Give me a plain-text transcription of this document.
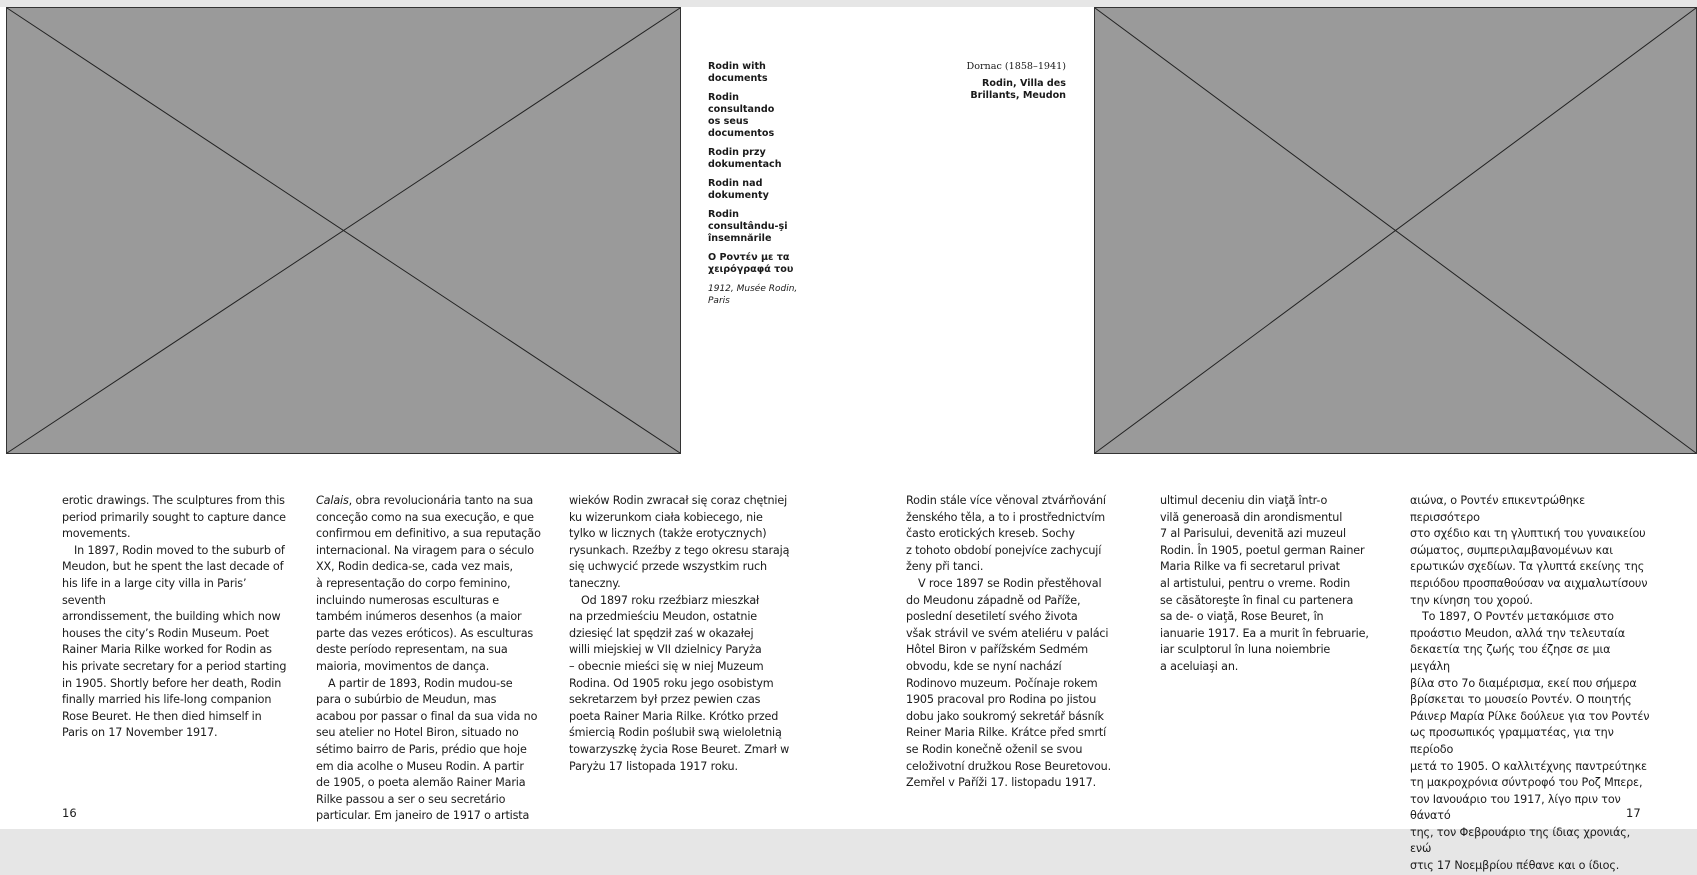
Rodin with
documents

Rodin
consultando
os seus
documentos

Rodin przy
dokumentach

Rodin nad
dokumenty

Rodin
consultându-şi
însemnările

Ο Ροντέν με τα
χειρόγραφά του

1912, Musée Rodin,
Paris

Dornac (1858–1941)
Rodin, Villa des
Brillants, Meudon

erotic drawings. The sculptures from this
period primarily sought to capture dance
movements.

In 1897, Rodin moved to the suburb of
Meudon, but he spent the last decade of
his life in a large city villa in Paris’ seventh
arrondissement, the building which now
houses the city’s Rodin Museum. Poet
Rainer Maria Rilke worked for Rodin as
his private secretary for a period starting
in 1905. Shortly before her death, Rodin
finally married his life-long companion
Rose Beuret. He then died himself in
Paris on 17 November 1917.

Calais, obra revolucionária tanto na sua
conceção como na sua execução, e que
confirmou em definitivo, a sua reputação
internacional. Na viragem para o século
XX, Rodin dedica-se, cada vez mais,
à representação do corpo feminino,
incluindo numerosas esculturas e
também inúmeros desenhos (a maior
parte das vezes eróticos). As esculturas
deste período representam, na sua
maioria, movimentos de dança.

A partir de 1893, Rodin mudou-se
para o subúrbio de Meudun, mas
acabou por passar o final da sua vida no
seu atelier no Hotel Biron, situado no
sétimo bairro de Paris, prédio que hoje
em dia acolhe o Museu Rodin. A partir
de 1905, o poeta alemão Rainer Maria
Rilke passou a ser o seu secretário
particular. Em janeiro de 1917 o artista

wieków Rodin zwracał się coraz chętniej
ku wizerunkom ciała kobiecego, nie
tylko w licznych (także erotycznych)
rysunkach. Rzeźby z tego okresu starają
się uchwycić przede wszystkim ruch
taneczny.

Od 1897 roku rzeźbiarz mieszkał
na przedmieściu Meudon, ostatnie
dziesięć lat spędził zaś w okazałej
willi miejskiej w VII dzielnicy Paryża
– obecnie mieści się w niej Muzeum
Rodina. Od 1905 roku jego osobistym
sekretarzem był przez pewien czas
poeta Rainer Maria Rilke. Krótko przed
śmiercią Rodin poślubił swą wieloletnią
towarzyszkę życia Rose Beuret. Zmarł w
Paryżu 17 listopada 1917 roku.

Rodin stále více věnoval ztvárňování
ženského těla, a to i prostřednictvím
často erotických kreseb. Sochy
z tohoto období ponejvíce zachycují
ženy při tanci.

V roce 1897 se Rodin přestěhoval
do Meudonu západně od Paříže,
poslední desetiletí svého života
však strávil ve svém ateliéru v paláci
Hôtel Biron v pařížském Sedmém
obvodu, kde se nyní nachází
Rodinovo muzeum. Počínaje rokem
1905 pracoval pro Rodina po jistou
dobu jako soukromý sekretář básník
Reiner Maria Rilke. Krátce před smrtí
se Rodin konečně oženil se svou
celoživotní družkou Rose Beuretovou.
Zemřel v Paříži 17. listopadu 1917.

ultimul deceniu din viaţă într-o
vilă generoasă din arondismentul
7 al Parisului, devenită azi muzeul
Rodin. În 1905, poetul german Rainer
Maria Rilke va fi secretarul privat
al artistului, pentru o vreme. Rodin
se căsătoreşte în final cu partenera
sa de- o viaţă, Rose Beuret, în
ianuarie 1917. Ea a murit în februarie,
iar sculptorul în luna noiembrie
a aceluiaşi an.

αιώνα, ο Ροντέν επικεντρώθηκε περισσότερο
στο σχέδιο και τη γλυπτική του γυναικείου
σώματος, συμπεριλαμβανομένων και
ερωτικών σχεδίων. Τα γλυπτά εκείνης της
περιόδου προσπαθούσαν να αιχμαλωτίσουν
την κίνηση του χορού.

Το 1897, Ο Ροντέν μετακόμισε στο
προάστιο Meudon, αλλά την τελευταία
δεκαετία της ζωής του έζησε σε μια μεγάλη
βίλα στο 7ο διαμέρισμα, εκεί που σήμερα
βρίσκεται το μουσείο Ροντέν. Ο ποιητής
Ράινερ Μαρία Ρίλκε δούλευε για τον Ροντέν
ως προσωπικός γραμματέας, για την περίοδο
μετά το 1905. Ο καλλιτέχνης παντρεύτηκε
τη μακροχρόνια σύντροφό του Ροζ Μπερε,
τον Ιανουάριο του 1917, λίγο πριν τον θάνατό
της, τον Φεβρουάριο της ίδιας χρονιάς, ενώ
στις 17 Νοεμβρίου πέθανε και ο ίδιος.

16	17
